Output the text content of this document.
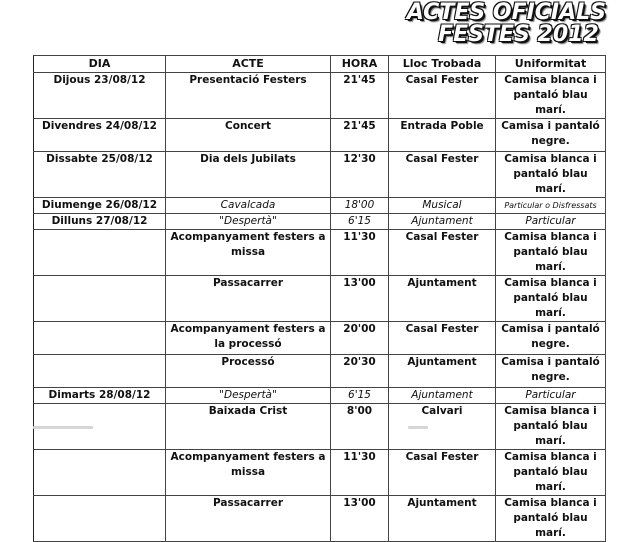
ACTES OFICIALS
FESTES 2012
DIA	ACTE	HORA	Lloc Trobada	Uniformitat
Dijous 23/08/12	Presentació Festers	21'45	Casal Fester	Camisa blanca i pantaló blau marí.
Divendres 24/08/12	Concert	21'45	Entrada Poble	Camisa i pantaló negre.
Dissabte 25/08/12	Dia dels Jubilats	12'30	Casal Fester	Camisa blanca i pantaló blau marí.
Diumenge 26/08/12	Cavalcada	18'00	Musical	Particular o Disfressats
Dilluns 27/08/12	"Despertà"	6'15	Ajuntament	Particular
	Acompanyament festers a missa	11'30	Casal Fester	Camisa blanca i pantaló blau marí.
	Passacarrer	13'00	Ajuntament	Camisa blanca i pantaló blau marí.
	Acompanyament festers a la processó	20'00	Casal Fester	Camisa i pantaló negre.
	Processó	20'30	Ajuntament	Camisa i pantaló negre.
Dimarts 28/08/12	"Despertà"	6'15	Ajuntament	Particular
	Baixada Crist	8'00	Calvari	Camisa blanca i pantaló blau marí.
	Acompanyament festers a missa	11'30	Casal Fester	Camisa blanca i pantaló blau marí.
	Passacarrer	13'00	Ajuntament	Camisa blanca i pantaló blau marí.
